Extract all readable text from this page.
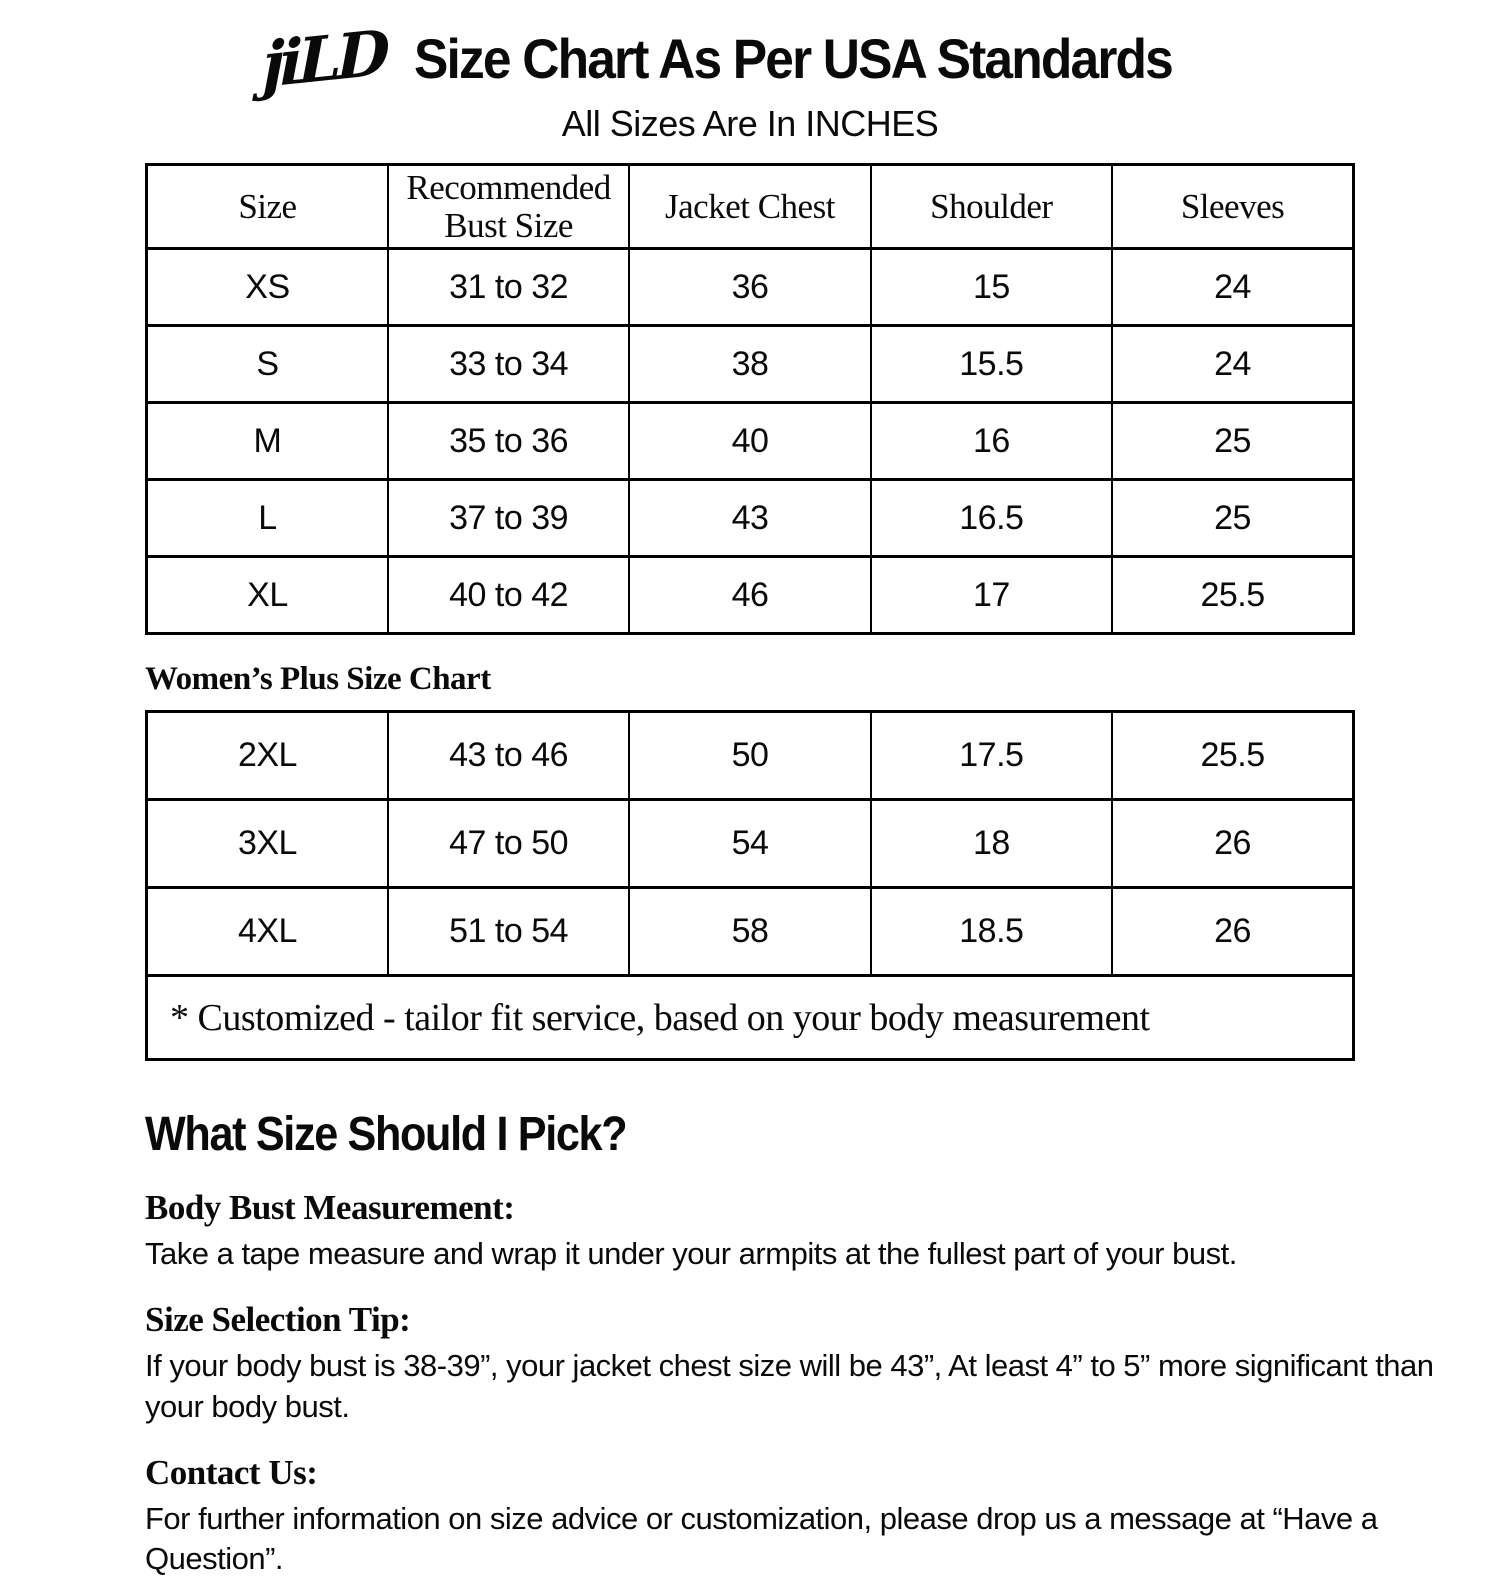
jiLD Size Chart As Per USA Standards
All Sizes Are In INCHES
Size	Recommended Bust Size	Jacket Chest	Shoulder	Sleeves
XS	31 to 32	36	15	24
S	33 to 34	38	15.5	24
M	35 to 36	40	16	25
L	37 to 39	43	16.5	25
XL	40 to 42	46	17	25.5
Women’s Plus Size Chart
2XL	43 to 46	50	17.5	25.5
3XL	47 to 50	54	18	26
4XL	51 to 54	58	18.5	26
* Customized - tailor fit service, based on your body measurement				
What Size Should I Pick?
Body Bust Measurement:

Take a tape measure and wrap it under your armpits at the fullest part of your bust.

Size Selection Tip:

If your body bust is 38-39”, your jacket chest size will be 43”, At least 4” to 5” more significant than your body bust.

Contact Us:

For further information on size advice or customization, please drop us a message at “Have a Question”.
